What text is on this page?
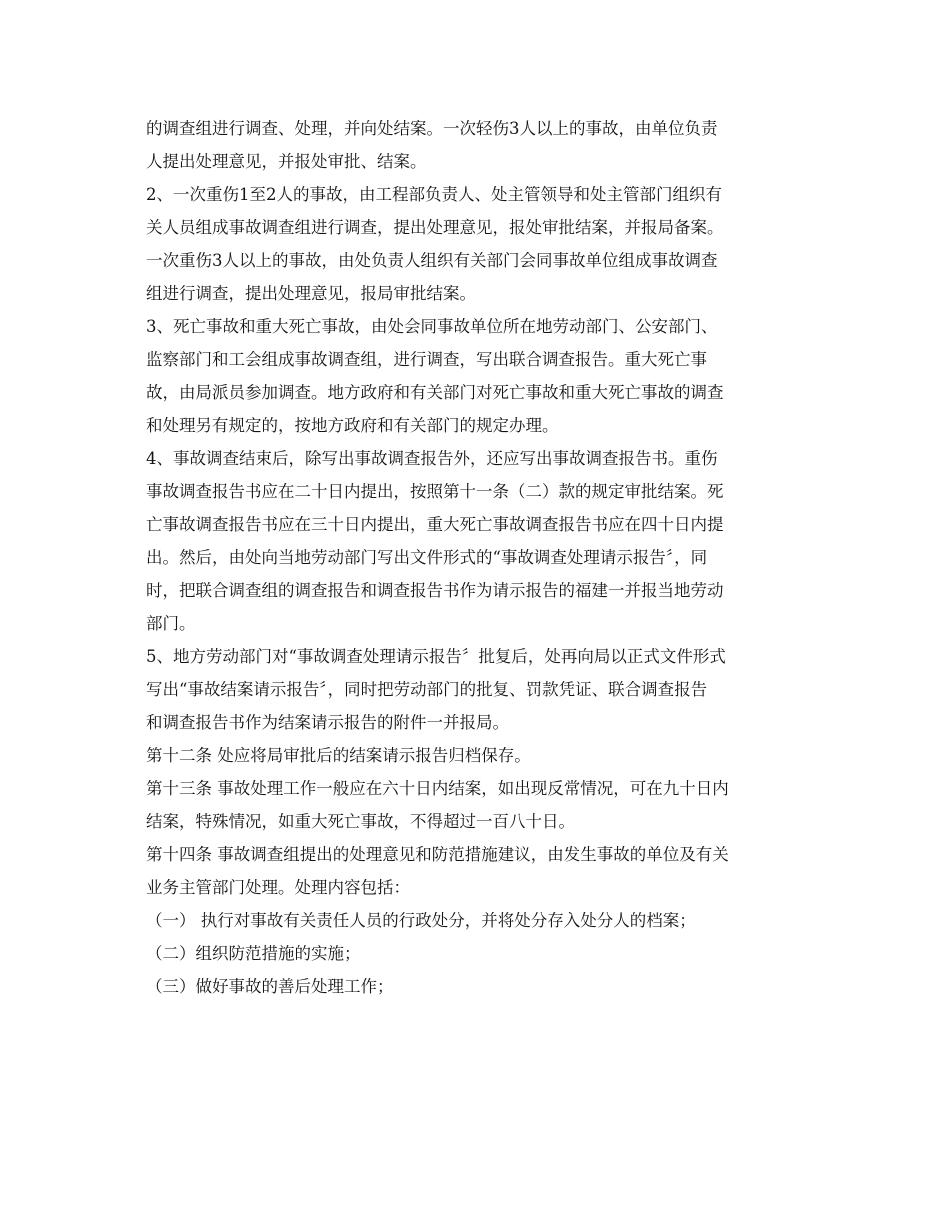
的调查组进行调查、处理，并向处结案。一次轻伤3人以上的事故，由单位负责
人提出处理意见，并报处审批、结案。
2、一次重伤1至2人的事故，由工程部负责人、处主管领导和处主管部门组织有
关人员组成事故调查组进行调查，提出处理意见，报处审批结案，并报局备案。
一次重伤3人以上的事故，由处负责人组织有关部门会同事故单位组成事故调查
组进行调查，提出处理意见，报局审批结案。
3、死亡事故和重大死亡事故，由处会同事故单位所在地劳动部门、公安部门、
监察部门和工会组成事故调查组，进行调查，写出联合调查报告。重大死亡事
故，由局派员参加调查。地方政府和有关部门对死亡事故和重大死亡事故的调查
和处理另有规定的，按地方政府和有关部门的规定办理。
4、事故调查结束后，除写出事故调查报告外，还应写出事故调查报告书。重伤
事故调查报告书应在二十日内提出，按照第十一条（二）款的规定审批结案。死
亡事故调查报告书应在三十日内提出，重大死亡事故调查报告书应在四十日内提
出。然后，由处向当地劳动部门写出文件形式的“事故调查处理请示报告〞，同
时，把联合调查组的调查报告和调查报告书作为请示报告的福建一并报当地劳动
部门。
5、地方劳动部门对“事故调查处理请示报告〞批复后，处再向局以正式文件形式
写出“事故结案请示报告〞，同时把劳动部门的批复、罚款凭证、联合调查报告
和调查报告书作为结案请示报告的附件一并报局。
第十二条 处应将局审批后的结案请示报告归档保存。
第十三条 事故处理工作一般应在六十日内结案，如出现反常情况，可在九十日内
结案，特殊情况，如重大死亡事故，不得超过一百八十日。
第十四条 事故调查组提出的处理意见和防范措施建议，由发生事故的单位及有关
业务主管部门处理。处理内容包括：
（一） 执行对事故有关责任人员的行政处分，并将处分存入处分人的档案；
（二）组织防范措施的实施；
（三）做好事故的善后处理工作；
